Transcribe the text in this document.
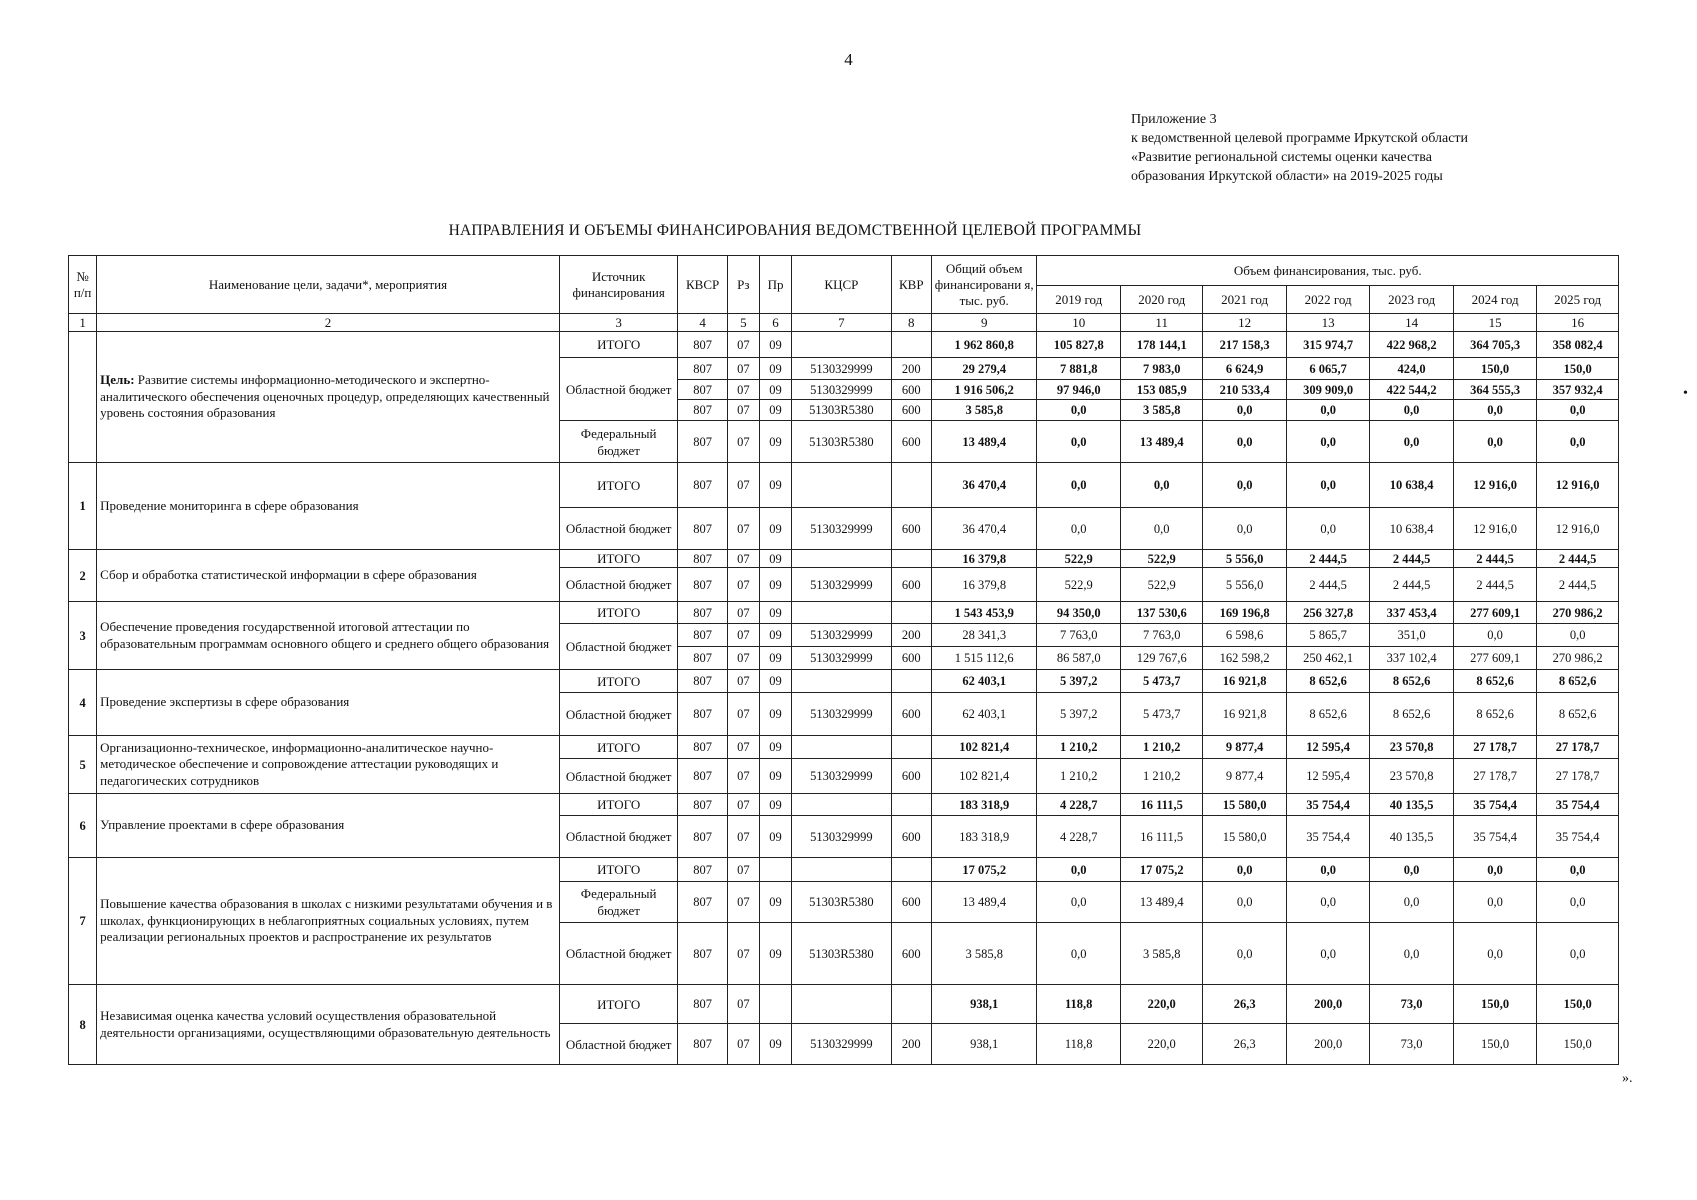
4
Приложение 3
к ведомственной целевой программе Иркутской области
«Развитие региональной системы оценки качества
образования Иркутской области» на 2019-2025 годы
НАПРАВЛЕНИЯ И ОБЪЕМЫ ФИНАНСИРОВАНИЯ ВЕДОМСТВЕННОЙ ЦЕЛЕВОЙ ПРОГРАММЫ
№ п/п	Наименование цели, задачи*, мероприятия	Источник финансирования	КВСР	Рз	Пр	КЦСР	КВР	Общий объем финансировани я, тыс. руб.	Объем финансирования, тыс. руб.						
									2019 год	2020 год	2021 год	2022 год	2023 год	2024 год	2025 год
1	2	3	4	5	6	7	8	9	10	11	12	13	14	15	16
	Цель: Развитие системы информационно-методического и экспертно-аналитического обеспечения оценочных процедур, определяющих качественный уровень состояния образования	ИТОГО	807	07	09			1 962 860,8	105 827,8	178 144,1	217 158,3	315 974,7	422 968,2	364 705,3	358 082,4
		Областной бюджет	807	07	09	5130329999	200	29 279,4	7 881,8	7 983,0	6 624,9	6 065,7	424,0	150,0	150,0
			807	07	09	5130329999	600	1 916 506,2	97 946,0	153 085,9	210 533,4	309 909,0	422 544,2	364 555,3	357 932,4
			807	07	09	51303R5380	600	3 585,8	0,0	3 585,8	0,0	0,0	0,0	0,0	0,0
		Федеральный бюджет	807	07	09	51303R5380	600	13 489,4	0,0	13 489,4	0,0	0,0	0,0	0,0	0,0
1	Проведение мониторинга в сфере образования	ИТОГО	807	07	09			36 470,4	0,0	0,0	0,0	0,0	10 638,4	12 916,0	12 916,0
		Областной бюджет	807	07	09	5130329999	600	36 470,4	0,0	0,0	0,0	0,0	10 638,4	12 916,0	12 916,0
2	Сбор и обработка статистической информации в сфере образования	ИТОГО	807	07	09			16 379,8	522,9	522,9	5 556,0	2 444,5	2 444,5	2 444,5	2 444,5
		Областной бюджет	807	07	09	5130329999	600	16 379,8	522,9	522,9	5 556,0	2 444,5	2 444,5	2 444,5	2 444,5
3	Обеспечение проведения государственной итоговой аттестации по образовательным программам основного общего и среднего общего образования	ИТОГО	807	07	09			1 543 453,9	94 350,0	137 530,6	169 196,8	256 327,8	337 453,4	277 609,1	270 986,2
		Областной бюджет	807	07	09	5130329999	200	28 341,3	7 763,0	7 763,0	6 598,6	5 865,7	351,0	0,0	0,0
			807	07	09	5130329999	600	1 515 112,6	86 587,0	129 767,6	162 598,2	250 462,1	337 102,4	277 609,1	270 986,2
4	Проведение экспертизы в сфере образования	ИТОГО	807	07	09			62 403,1	5 397,2	5 473,7	16 921,8	8 652,6	8 652,6	8 652,6	8 652,6
		Областной бюджет	807	07	09	5130329999	600	62 403,1	5 397,2	5 473,7	16 921,8	8 652,6	8 652,6	8 652,6	8 652,6
5	Организационно-техническое, информационно-аналитическое научно-методическое обеспечение и сопровождение аттестации руководящих и педагогических сотрудников	ИТОГО	807	07	09			102 821,4	1 210,2	1 210,2	9 877,4	12 595,4	23 570,8	27 178,7	27 178,7
		Областной бюджет	807	07	09	5130329999	600	102 821,4	1 210,2	1 210,2	9 877,4	12 595,4	23 570,8	27 178,7	27 178,7
6	Управление проектами в сфере образования	ИТОГО	807	07	09			183 318,9	4 228,7	16 111,5	15 580,0	35 754,4	40 135,5	35 754,4	35 754,4
		Областной бюджет	807	07	09	5130329999	600	183 318,9	4 228,7	16 111,5	15 580,0	35 754,4	40 135,5	35 754,4	35 754,4
7	Повышение качества образования в школах с низкими результатами обучения и в школах, функционирующих в неблагоприятных социальных условиях, путем реализации региональных проектов и распространение их результатов	ИТОГО	807	07				17 075,2	0,0	17 075,2	0,0	0,0	0,0	0,0	0,0
		Федеральный бюджет	807	07	09	51303R5380	600	13 489,4	0,0	13 489,4	0,0	0,0	0,0	0,0	0,0
		Областной бюджет	807	07	09	51303R5380	600	3 585,8	0,0	3 585,8	0,0	0,0	0,0	0,0	0,0
8	Независимая оценка качества условий осуществления образовательной деятельности организациями, осуществляющими образовательную деятельность	ИТОГО	807	07				938,1	118,8	220,0	26,3	200,0	73,0	150,0	150,0
		Областной бюджет	807	07	09	5130329999	200	938,1	118,8	220,0	26,3	200,0	73,0	150,0	150,0
».
•
